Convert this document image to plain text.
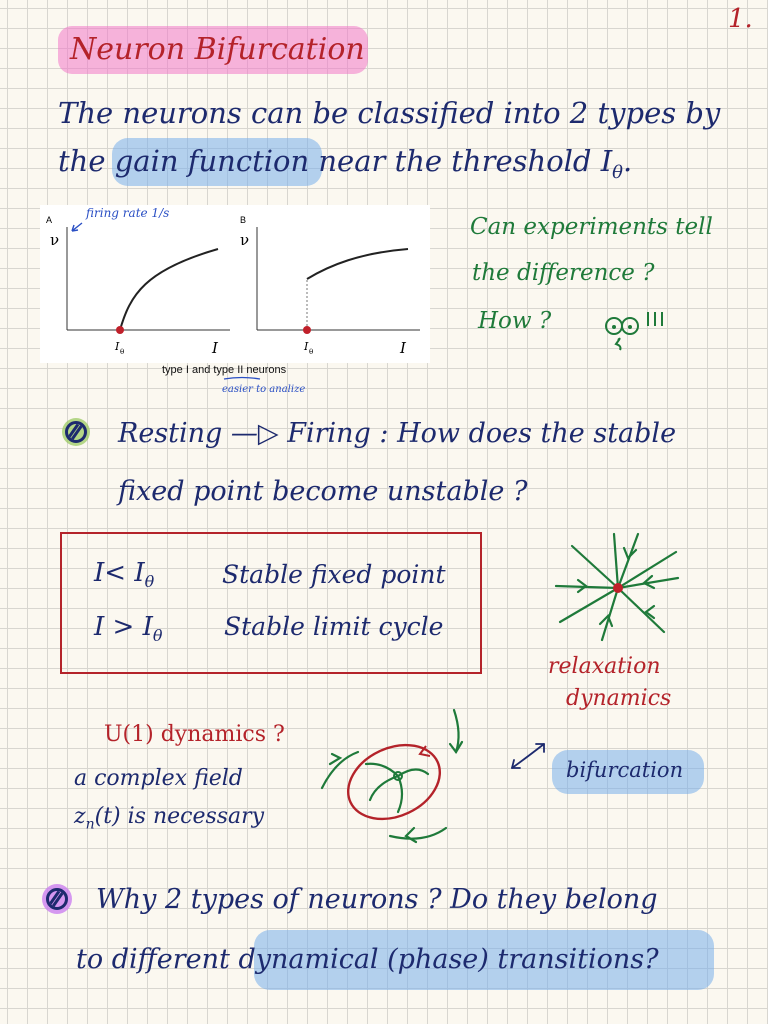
1.
Neuron Bifurcation
The neurons can be classified into 2 types by
the gain function near the threshold $I_\theta$.
A
ν
I θ	I
B
ν
I θ	I
firing rate 1/s
type I and type II neurons
easier to analize
Can experiments tell
the difference ?
How ?
Resting —▷ Firing : How does the stable
fixed point become unstable ?
$I< I_\theta$	Stable fixed point
$I > I_\theta$ Stable limit cycle
relaxation
dynamics
U(1) dynamics ?
a complex field
$z_n(t)$ is necessary
bifurcation
Why 2 types of neurons ? Do they belong
to different dynamical (phase) transitions?
